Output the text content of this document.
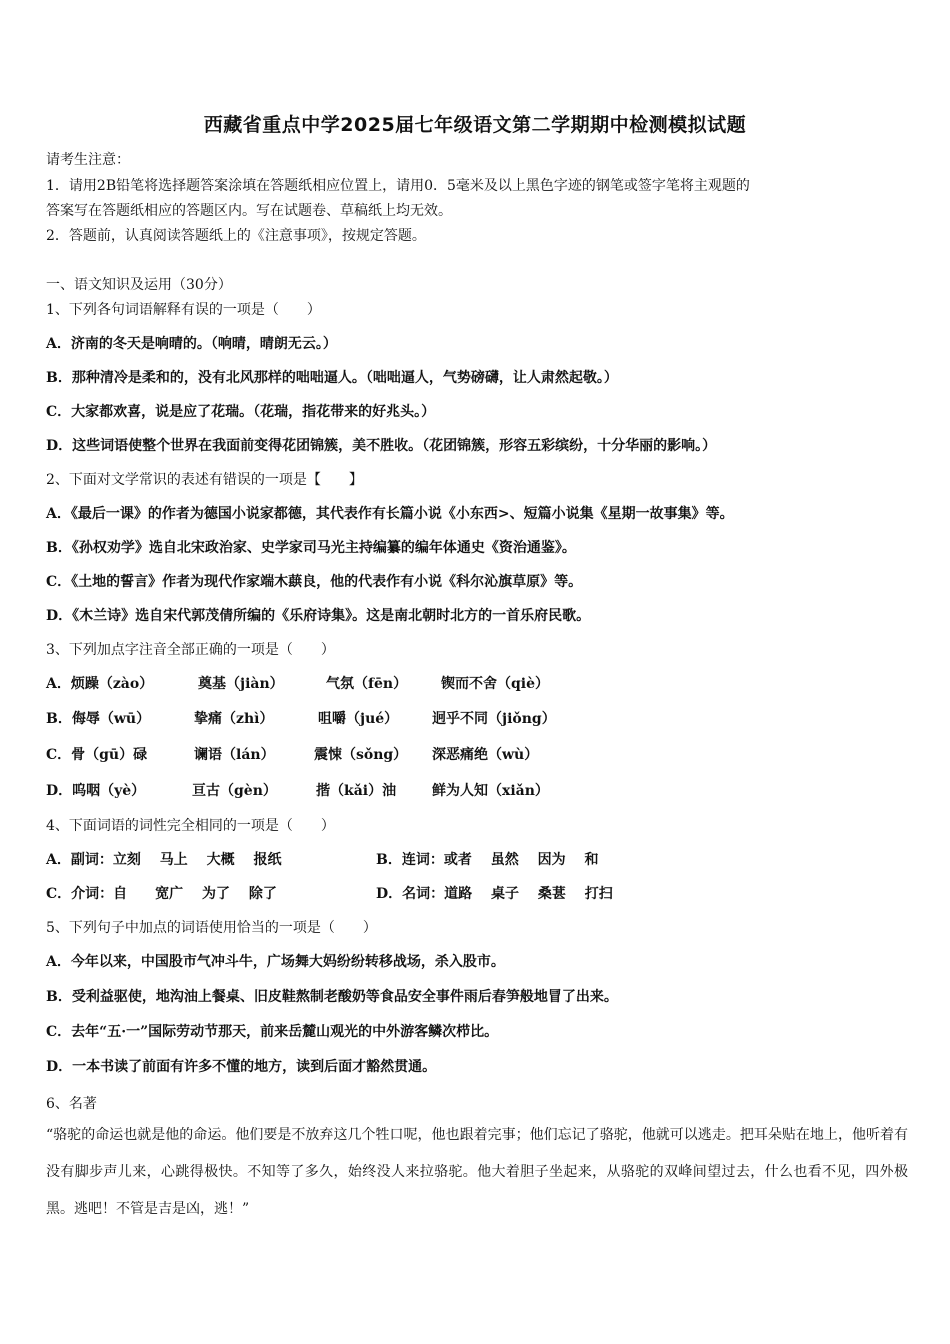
西藏省重点中学2025届七年级语文第二学期期中检测模拟试题
请考生注意：
1．请用2B铅笔将选择题答案涂填在答题纸相应位置上，请用0．5毫米及以上黑色字迹的钢笔或签字笔将主观题的
答案写在答题纸相应的答题区内。写在试题卷、草稿纸上均无效。
2．答题前，认真阅读答题纸上的《注意事项》，按规定答题。
一、语文知识及运用（30分）
1、下列各句词语解释有误的一项是（　　）
A．济南的冬天是响晴的。（响晴，晴朗无云。）
B．那种清冷是柔和的，没有北风那样的咄咄逼人。（咄咄逼人，气势磅礴，让人肃然起敬。）
C．大家都欢喜，说是应了花瑞。（花瑞，指花带来的好兆头。）
D．这些词语使整个世界在我面前变得花团锦簇，美不胜收。（花团锦簇，形容五彩缤纷，十分华丽的影响。）
2、下面对文学常识的表述有错误的一项是【　　】
A．《最后一课》的作者为德国小说家都德，其代表作有长篇小说《小东西>、短篇小说集《星期一故事集》等。
B．《孙权劝学》选自北宋政治家、史学家司马光主持编纂的编年体通史《资治通鉴》。
C．《土地的誓言》作者为现代作家端木蕻良，他的代表作有小说《科尔沁旗草原》等。
D．《木兰诗》选自宋代郭茂倩所编的《乐府诗集》。这是南北朝时北方的一首乐府民歌。
3、下列加点字注音全部正确的一项是（　　）
A．烦躁（zào）	奠基（jiàn）	气氛（fēn） 锲而不舍（qiè）
B．侮辱（wū）	挚痛（zhì）	咀嚼（jué） 迥乎不同（jiǒng）
C．骨（gū）碌	谰语（lán）	震悚（sǒng） 深恶痛绝（wù）
D．呜咽（yè）	亘古（gèn）	揩（kǎi）油	鲜为人知（xiǎn）
4、下面词语的词性完全相同的一项是（　　）
A．副词：立刻　 马上　 大概　 报纸	B．连词：或者　 虽然　 因为　 和
C．介词：自　　宽广　 为了　 除了	D．名词：道路　 桌子　 桑葚　 打扫
5、下列句子中加点的词语使用恰当的一项是（　　）
A．今年以来，中国股市气冲斗牛，广场舞大妈纷纷转移战场，杀入股市。
B．受利益驱使，地沟油上餐桌、旧皮鞋熬制老酸奶等食品安全事件雨后春笋般地冒了出来。
C．去年“五·一”国际劳动节那天，前来岳麓山观光的中外游客鳞次栉比。
D．一本书读了前面有许多不懂的地方，读到后面才豁然贯通。
6、名著
“骆驼的命运也就是他的命运。他们要是不放弃这几个牲口呢，他也跟着完事；他们忘记了骆驼，他就可以逃走。把耳朵贴在地上，他听着有没有脚步声儿来，心跳得极快。不知等了多久，始终没人来拉骆驼。他大着胆子坐起来，从骆驼的双峰间望过去，什么也看不见，四外极黑。逃吧！不管是吉是凶，逃！”
